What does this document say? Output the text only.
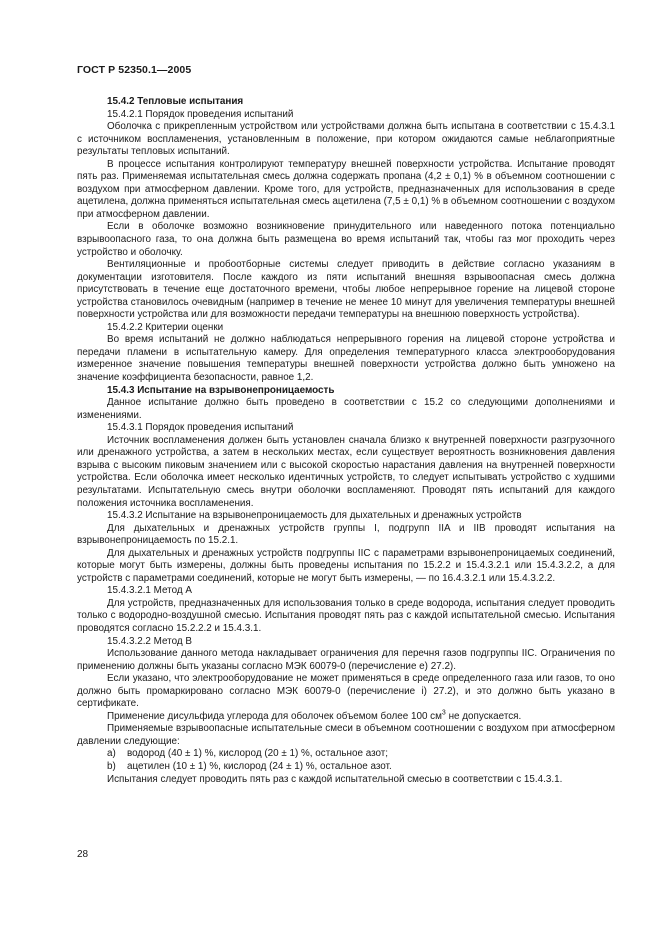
ГОСТ Р 52350.1—2005

15.4.2 Тепловые испытания

15.4.2.1 Порядок проведения испытаний

Оболочка с прикрепленным устройством или устройствами должна быть испытана в соответствии с 15.4.3.1 с источником воспламенения, установленным в положение, при котором ожидаются самые неблагоприятные результаты тепловых испытаний.

В процессе испытания контролируют температуру внешней поверхности устройства. Испытание проводят пять раз. Применяемая испытательная смесь должна содержать пропана (4,2 ± 0,1) % в объемном соотношении с воздухом при атмосферном давлении. Кроме того, для устройств, предназначенных для использования в среде ацетилена, должна применяться испытательная смесь ацетилена (7,5 ± 0,1) % в объемном соотношении с воздухом при атмосферном давлении.

Если в оболочке возможно возникновение принудительного или наведенного потока потенциально взрывоопасного газа, то она должна быть размещена во время испытаний так, чтобы газ мог проходить через устройство и оболочку.

Вентиляционные и пробоотборные системы следует приводить в действие согласно указаниям в документации изготовителя. После каждого из пяти испытаний внешняя взрывоопасная смесь должна присутствовать в течение еще достаточного времени, чтобы любое непрерывное горение на лицевой стороне устройства становилось очевидным (например в течение не менее 10 минут для увеличения температуры внешней поверхности устройства или для возможности передачи температуры на внешнюю поверхность устройства).

15.4.2.2 Критерии оценки

Во время испытаний не должно наблюдаться непрерывного горения на лицевой стороне устройства и передачи пламени в испытательную камеру. Для определения температурного класса электрооборудования измеренное значение повышения температуры внешней поверхности устройства должно быть умножено на значение коэффициента безопасности, равное 1,2.

15.4.3 Испытание на взрывонепроницаемость

Данное испытание должно быть проведено в соответствии с 15.2 со следующими дополнениями и изменениями.

15.4.3.1 Порядок проведения испытаний

Источник воспламенения должен быть установлен сначала близко к внутренней поверхности разгрузочного или дренажного устройства, а затем в нескольких местах, если существует вероятность возникновения давления взрыва с высоким пиковым значением или с высокой скоростью нарастания давления на внутренней поверхности устройства. Если оболочка имеет несколько идентичных устройств, то следует испытывать устройство с худшими результатами. Испытательную смесь внутри оболочки воспламеняют. Проводят пять испытаний для каждого положения источника воспламенения.

15.4.3.2 Испытание на взрывонепроницаемость для дыхательных и дренажных устройств

Для дыхательных и дренажных устройств группы I, подгрупп IIA и IIB проводят испытания на взрывонепроницаемость по 15.2.1.

Для дыхательных и дренажных устройств подгруппы IIC с параметрами взрывонепроницаемых соединений, которые могут быть измерены, должны быть проведены испытания по 15.2.2 и 15.4.3.2.1 или 15.4.3.2.2, а для устройств с параметрами соединений, которые не могут быть измерены, — по 16.4.3.2.1 или 15.4.3.2.2.

15.4.3.2.1 Метод А

Для устройств, предназначенных для использования только в среде водорода, испытания следует проводить только с водородно-воздушной смесью. Испытания проводят пять раз с каждой испытательной смесью. Испытания проводятся согласно 15.2.2.2 и 15.4.3.1.

15.4.3.2.2 Метод В

Использование данного метода накладывает ограничения для перечня газов подгруппы IIC. Ограничения по применению должны быть указаны согласно МЭК 60079-0 (перечисление е) 27.2).

Если указано, что электрооборудование не может применяться в среде определенного газа или газов, то оно должно быть промаркировано согласно МЭК 60079-0 (перечисление i) 27.2), и это должно быть указано в сертификате.

Применение дисульфида углерода для оболочек объемом более 100 $см^3$ не допускается.

Применяемые взрывоопасные испытательные смеси в объемном соотношении с воздухом при атмосферном давлении следующие:

а) водород (40 ± 1) %, кислород (20 ± 1) %, остальное азот;

b) ацетилен (10 ± 1) %, кислород (24 ± 1) %, остальное азот.

Испытания следует проводить пять раз с каждой испытательной смесью в соответствии с 15.4.3.1.

28
